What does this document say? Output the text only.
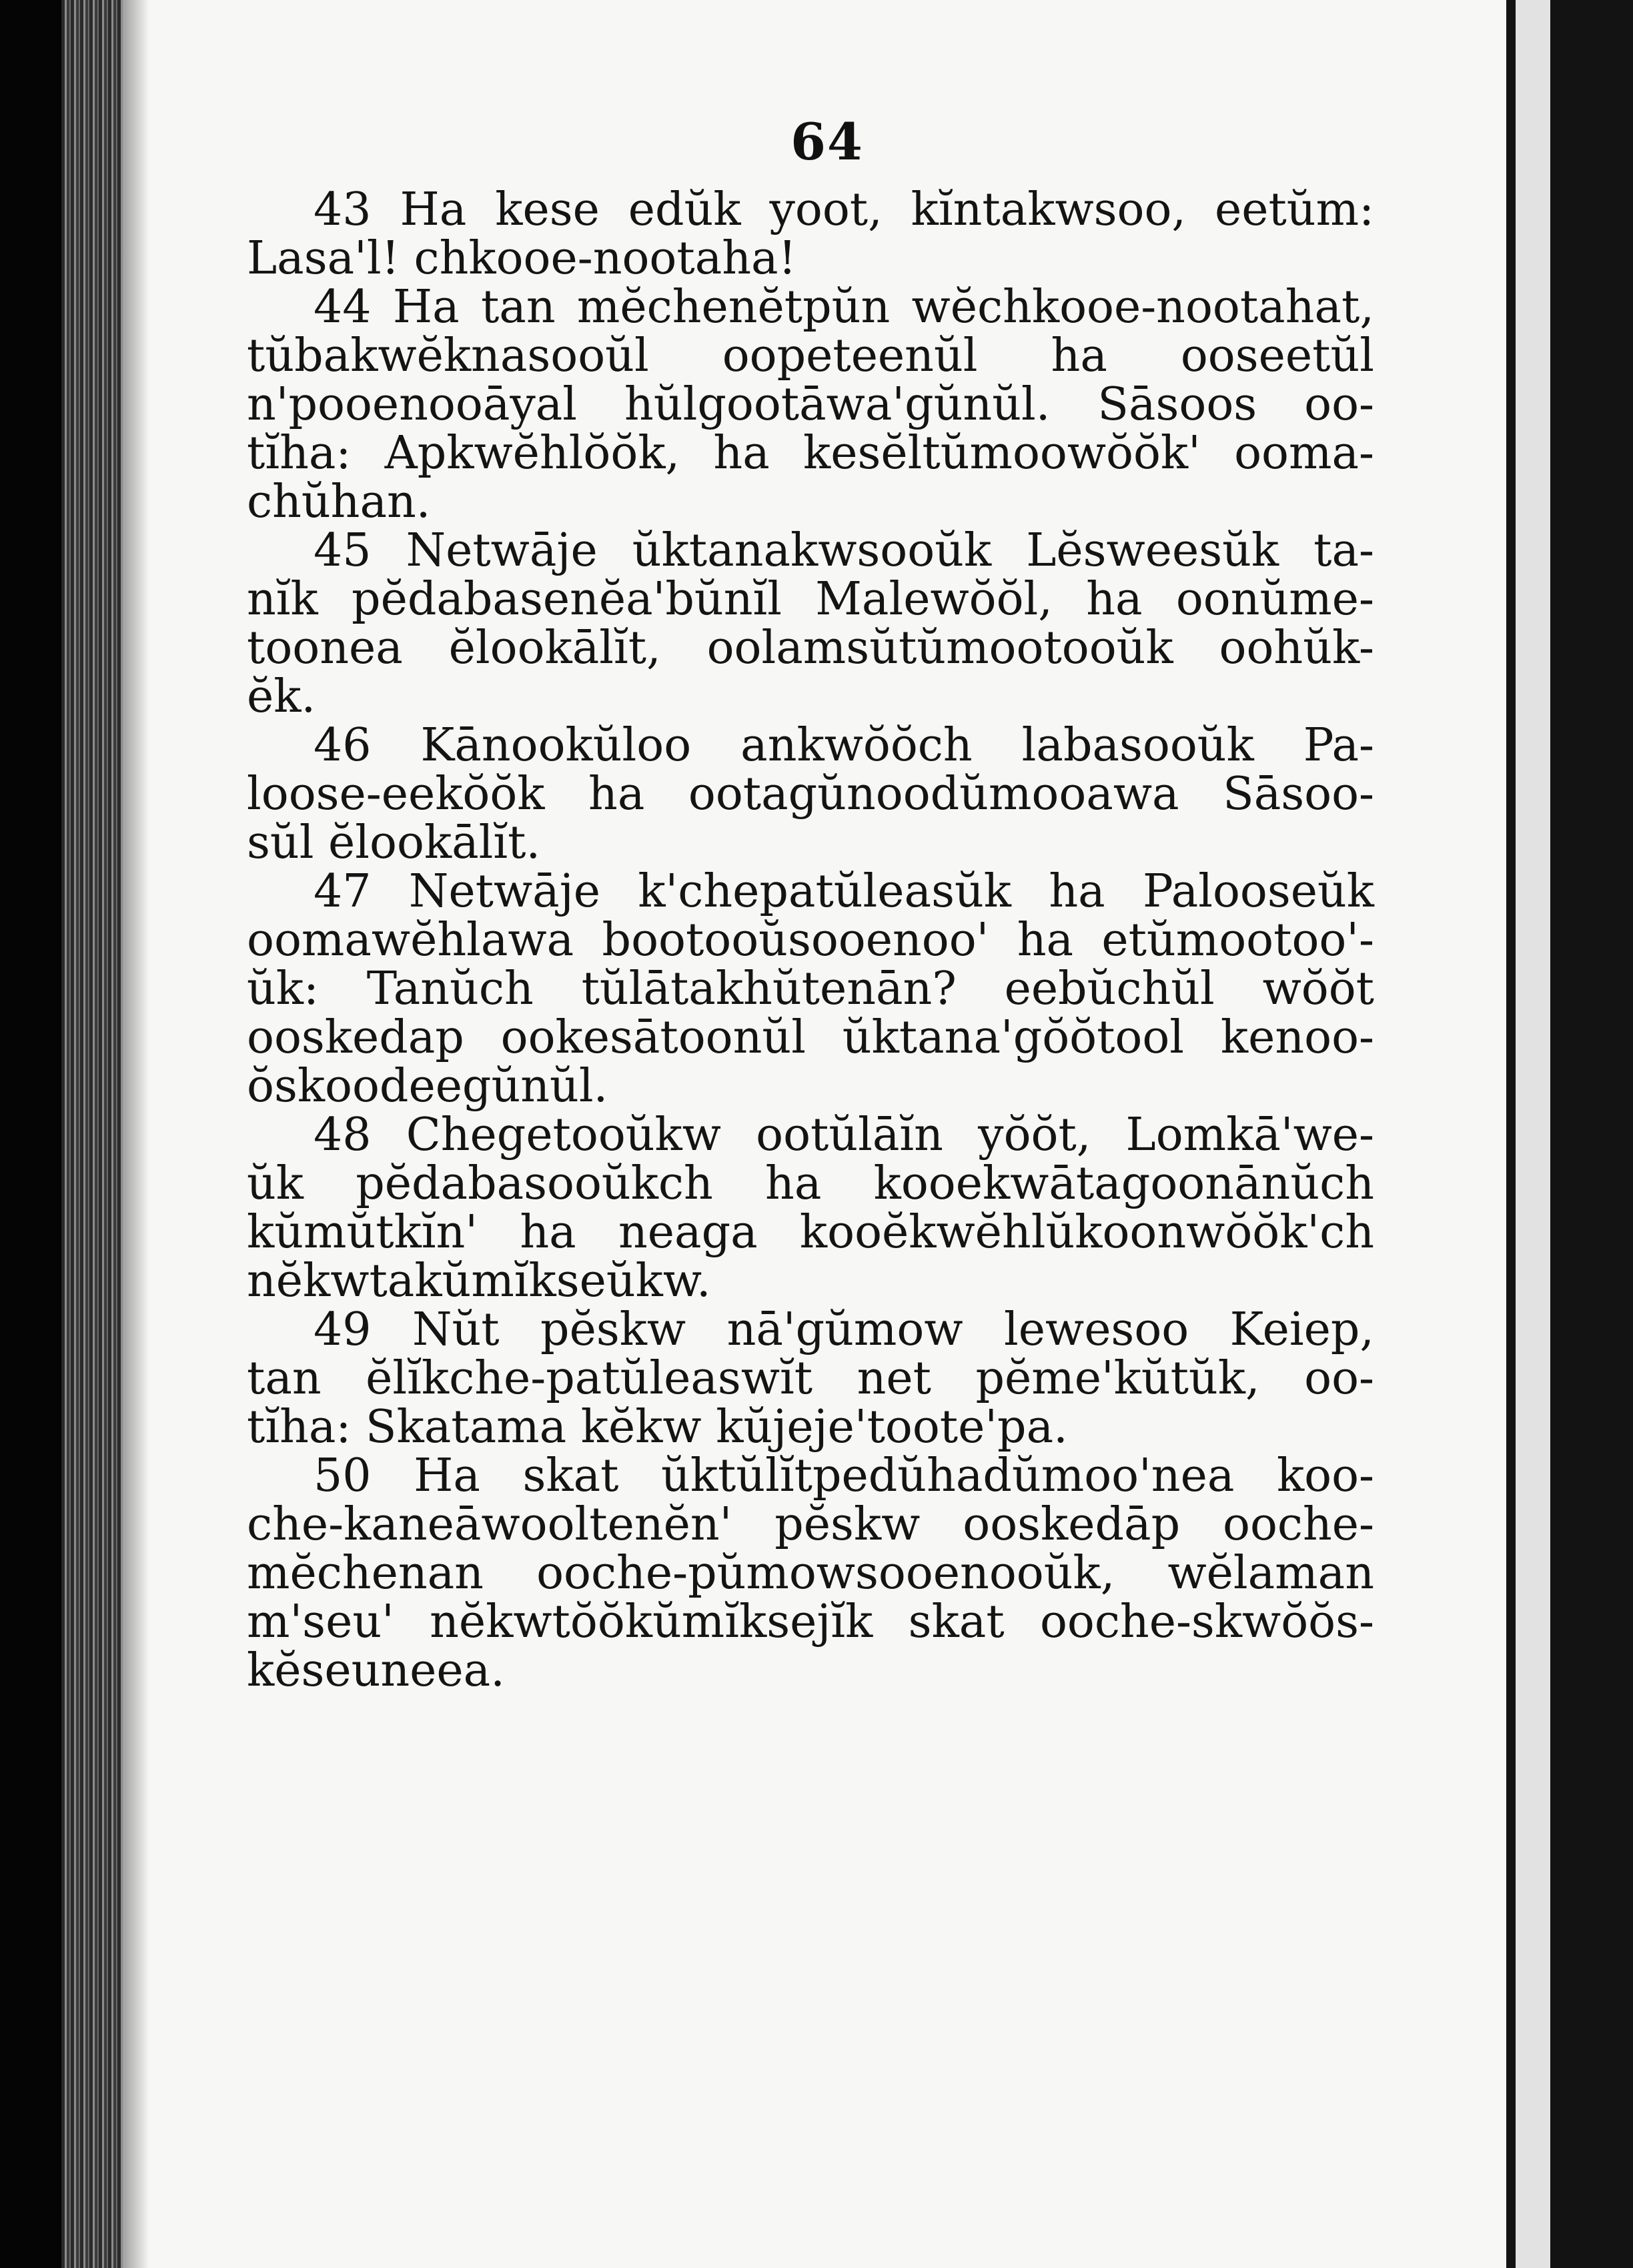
64
43 Ha kese edŭk yoot, kĭntakwsoo, eetŭm:
Lasa'l! chkooe-nootaha!
44 Ha tan mĕchenĕtpŭn wĕchkooe-nootahat,
tŭbakwĕknasooŭl oopeteenŭl ha ooseetŭl
n'pooenooāyal hŭlgootāwa'gŭnŭl. Sāsoos oo-
tĭha: Apkwĕhlŏŏk, ha kesĕltŭmoowŏŏk' ooma-
chŭhan.
45 Netwāje ŭktanakwsooŭk Lĕsweesŭk ta-
nĭk pĕdabasenĕa'bŭnĭl Malewŏŏl, ha oonŭme-
toonea ĕlookālĭt, oolamsŭtŭmootooŭk oohŭk-
ĕk.
46 Kānookŭloo ankwŏŏch labasooŭk Pa-
loose-eekŏŏk ha ootagŭnoodŭmooawa Sāsoo-
sŭl ĕlookālĭt.
47 Netwāje k'chepatŭleasŭk ha Palooseŭk
oomawĕhlawa bootooŭsooenoo' ha etŭmootoo'-
ŭk: Tanŭch tŭlātakhŭtenān? eebŭchŭl wŏŏt
ooskedap ookesātoonŭl ŭktana'gŏŏtool kenoo-
ŏskoodeegŭnŭl.
48 Chegetooŭkw ootŭlāĭn yŏŏt, Lomkā'we-
ŭk pĕdabasooŭkch ha kooekwātagoonānŭch
kŭmŭtkĭn' ha neaga kooĕkwĕhlŭkoonwŏŏk'ch
nĕkwtakŭmĭkseŭkw.
49 Nŭt pĕskw nā'gŭmow lewesoo Keiep,
tan ĕlĭkche-patŭleaswĭt net pĕme'kŭtŭk, oo-
tĭha: Skatama kĕkw kŭjeje'toote'pa.
50 Ha skat ŭktŭlĭtpedŭhadŭmoo'nea koo-
che-kaneāwooltenĕn' pĕskw ooskedāp ooche-
mĕchenan ooche-pŭmowsooenooŭk, wĕlaman
m'seu' nĕkwtŏŏkŭmĭksejĭk skat ooche-skwŏŏs-
kĕseuneea.
